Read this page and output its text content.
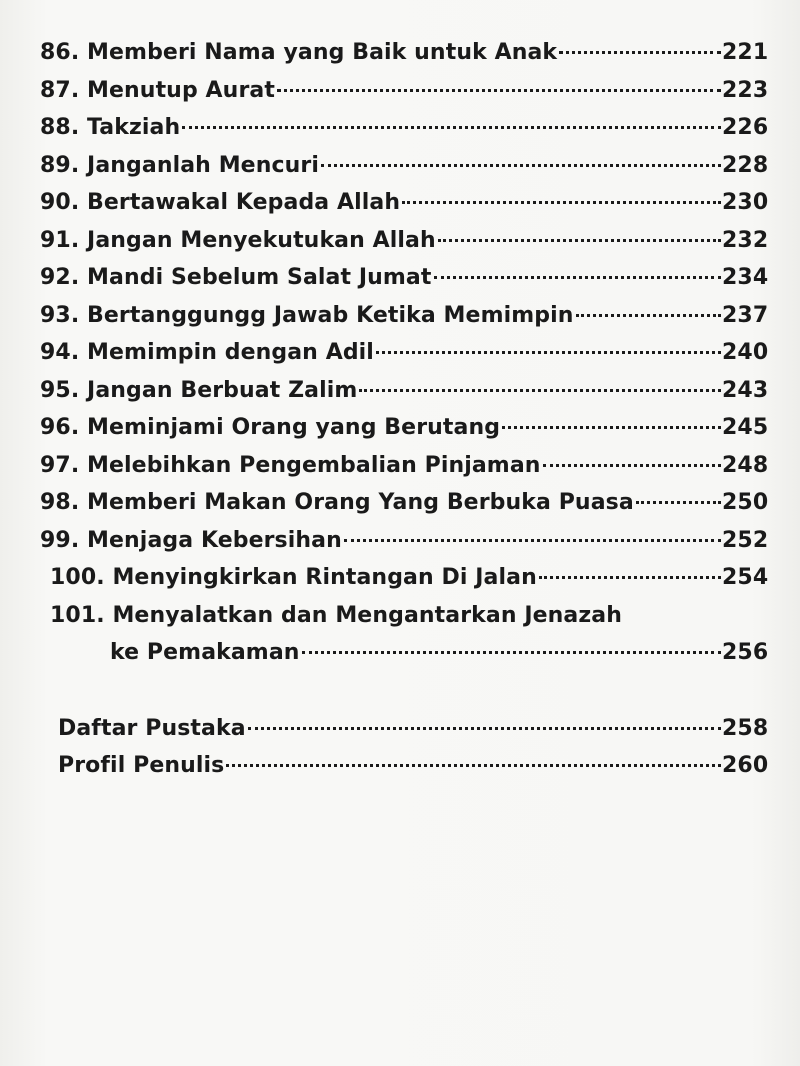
86. Memberi Nama yang Baik untuk Anak	221
87. Menutup Aurat	223
88. Takziah	226
89. Janganlah Mencuri	228
90. Bertawakal Kepada Allah	230
91. Jangan Menyekutukan Allah	232
92. Mandi Sebelum Salat Jumat	234
93. Bertanggungg Jawab Ketika Memimpin	237
94. Memimpin dengan Adil	240
95. Jangan Berbuat Zalim	243
96. Meminjami Orang yang Berutang	245
97. Melebihkan Pengembalian Pinjaman	248
98. Memberi Makan Orang Yang Berbuka Puasa	250
99. Menjaga Kebersihan	252
100. Menyingkirkan Rintangan Di Jalan	254
101. Menyalatkan dan Mengantarkan Jenazah
ke Pemakaman	256
Daftar Pustaka	258
Profil Penulis	260
